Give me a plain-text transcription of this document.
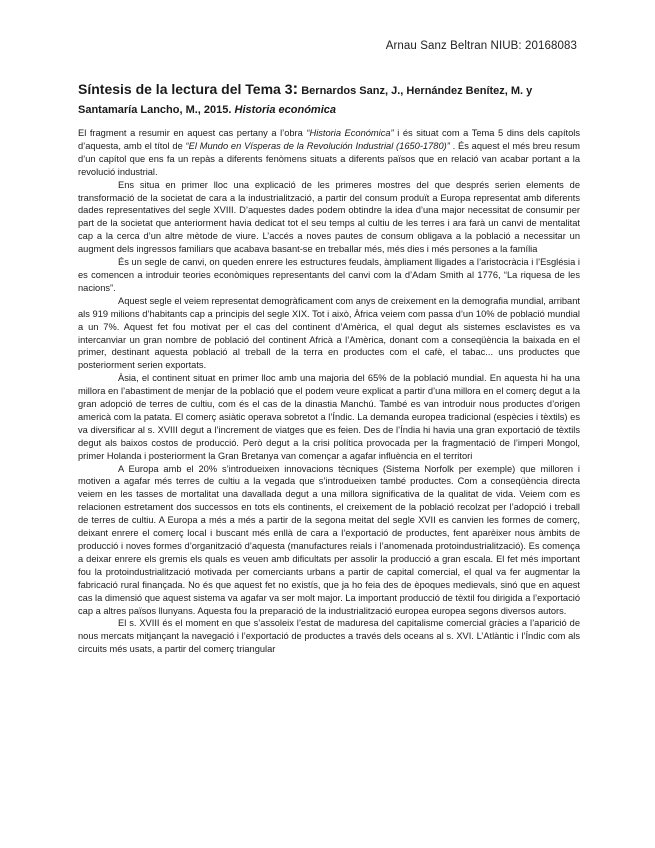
Arnau Sanz Beltran NIUB: 20168083
Síntesis de la lectura del Tema 3: Bernardos Sanz, J., Hernández Benítez, M. y Santamaría Lancho, M., 2015. Historia económica

El fragment a resumir en aquest cas pertany a l’obra “Historia Económica” i és situat com a Tema 5 dins dels capítols d’aquesta, amb el títol de “El Mundo en Vísperas de la Revolución Industrial (1650-1780)” . És aquest el més breu resum d’un capítol que ens fa un repàs a diferents fenòmens situats a diferents països que en relació van acabar portant a la revolució industrial.

Ens situa en primer lloc una explicació de les primeres mostres del que després serien elements de transformació de la societat de cara a la industrialització, a partir del consum produït a Europa representat amb diferents dades representatives del segle XVIII. D’aquestes dades podem obtindre la idea d’una major necessitat de consumir per part de la societat que anteriorment havia dedicat tot el seu temps al cultiu de les terres i ara farà un canvi de mentalitat cap a la cerca d’un altre mètode de viure. L’accés a noves pautes de consum obligava a la població a necessitar un augment dels ingressos familiars que acabava basant-se en treballar més, més dies i més persones a la família

És un segle de canvi, on queden enrere les estructures feudals, àmpliament lligades a l’aristocràcia i l’Església i es comencen a introduir teories econòmiques representants del canvi com la d’Adam Smith al 1776, “La riquesa de les nacions”.

Aquest segle el veiem representat demogràficament com anys de creixement en la demografia mundial, arribant als 919 milions d’habitants cap a principis del segle XIX. Tot i això, Àfrica veiem com passa d’un 10% de població mundial a un 7%. Aquest fet fou motivat per el cas del continent d’Amèrica, el qual degut als sistemes esclavistes es va intercanviar un gran nombre de població del continent Africà a l’Amèrica, donant com a conseqüència la baixada en el primer, destinant aquesta població al treball de la terra en productes com el cafè, el tabac... uns productes que posteriorment serien exportats.

Àsia, el continent situat en primer lloc amb una majoria del 65% de la població mundial. En aquesta hi ha una millora en l’abastiment de menjar de la població que el podem veure explicat a partir d’una millora en el comerç degut a la gran adopció de terres de cultiu, com és el cas de la dinastia Manchú. També es van introduir nous productes d’origen americà com la patata. El comerç asiàtic operava sobretot a l’Índic. La demanda europea tradicional (espècies i tèxtils) es va diversificar al s. XVIII degut a l’increment de viatges que es feien. Des de l’Índia hi havia una gran exportació de tèxtils degut als baixos costos de producció. Però degut a la crisi política provocada per la fragmentació de l’imperi Mongol, primer Holanda i posteriorment la Gran Bretanya van començar a agafar influència en el territori

A Europa amb el 20% s’introdueixen innovacions tècniques (Sistema Norfolk per exemple) que milloren i motiven a agafar més terres de cultiu a la vegada que s’introdueixen també productes. Com a conseqüència directa veiem en les tasses de mortalitat una davallada degut a una millora significativa de la qualitat de vida. Veiem com es relacionen estretament dos successos en tots els continents, el creixement de la població recolzat per l’adopció i treball de terres de cultiu. A Europa a més a més a partir de la segona meitat del segle XVII es canvien les formes de comerç, deixant enrere el comerç local i buscant més enllà de cara a l’exportació de productes, fent aparèixer nous àmbits de producció i noves formes d’organització d’aquesta (manufactures reials i l’anomenada protoindustrialització). Es comença a deixar enrere els gremis els quals es veuen amb dificultats per assolir la producció a gran escala. El fet més important fou la protoindustrialització motivada per comerciants urbans a partir de capital comercial, el qual va fer augmentar la fabricació rural finançada. No és que aquest fet no existís, que ja ho feia des de èpoques medievals, sinó que en aquest cas la dimensió que aquest sistema va agafar va ser molt major. La important producció de tèxtil fou dirigida a l’exportació cap a altres països llunyans. Aquesta fou la preparació de la industrialització europea europea segons diversos autors.

El s. XVIII és el moment en que s’assoleix l’estat de maduresa del capitalisme comercial gràcies a l’aparició de nous mercats mitjançant la navegació i l’exportació de productes a través dels oceans al s. XVI. L’Atlàntic i l’Índic com als circuits més usats, a partir del comerç triangular
